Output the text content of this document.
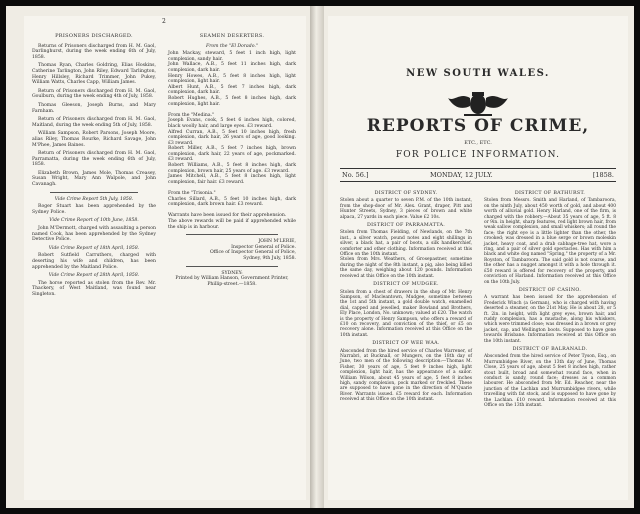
2
PRISONERS DISCHARGED.

Returns of Prisoners discharged from H. M. Gaol, Darlinghurst, during the week ending 6th of July, 1858.

Thomas Ryan, Charles Goldring, Elias Hoskins, Catherine Tarlington, John Riley, Edward Tarlington, Henry Hillsley, Richard Trimmer, John Pukey, William Watts, Charles Capp, William James.

Return of Prisoners discharged from H. M. Gaol, Goulburn, during the week ending 4th of July, 1858.

Thomas Gleeson, Joseph Burns, and Mary Farnham.

Return of Prisoners discharged from H. M. Gaol, Maitland, during the week ending 5th of July, 1858.

William Sampson, Robert Parsons, Joseph Moore, alias Riley, Thomas Rourke, Richard Savage, John M'Phee, James Baines.

Return of Prisoners discharged from H. M. Gaol, Parramatta, during the week ending 6th of July, 1858.

Elizabeth Brown, James Mole, Thomas Creasey, Susan Wright, Mary Ann Walpole, and John Cavanagh.

Vide Crime Report 5th July, 1858.

Roger Stuart has been apprehended by the Sydney Police.

Vide Crime Report of 10th June, 1858.

John M'Dermott, charged with assaulting a person named Cook, has been apprehended by the Sydney Detective Police.

Vide Crime Report of 18th April, 1858.

Robert Sutfield Carruthers, charged with deserting his wife and children, has been apprehended by the Maitland Police.

Vide Crime Report of 28th April, 1858.

The horse reported as stolen from the Rev. Mr. Thackery, of West Maitland, was found near Singleton.

SEAMEN DESERTERS.
From the "El Dorado."
John Mackay, steward, 5 feet 1 inch high, light complexion, sandy hair.
John Wallace, A.B., 5 feet 11 inches high, dark complexion, dark hair.
Henry Howes, A.B., 5 feet 8 inches high, light complexion, light hair.
Albert Hunt, A.B., 5 feet 7 inches high, dark complexion, dark hair.
Robert Hughes, A.B., 5 feet 8 inches high, dark complexion, light hair.

From the "Medina."
Joseph Evans, cook, 5 feet 6 inches high, colored, black woolly hair, and large eyes. £3 reward.
Alfred Curran, A.B., 5 feet 10 inches high, fresh complexion, dark hair, 26 years of age, good looking. £3 reward.
Robert Miller, A.B., 5 feet 7 inches high, brown complexion, dark hair, 22 years of age, pockmarked. £3 reward.
Robert Williams, A.B., 5 feet 8 inches high, dark complexion, brown hair, 25 years of age. £3 reward.
James Mitchell, A.B., 5 feet 8 inches high, light complexion, fair hair. £3 reward.

From the "Trisonia."
Charles Sillard, A.B., 5 feet 10 inches high, dark complexion, dark brown hair. £3 reward.

Warrants have been issued for their apprehension.
The above rewards will be paid if apprehended while the ship is in harbour.
JOHN M'LERIE,
Inspector General of Police.
Office of Inspector General of Police,
Sydney, 9th July, 1858.
SYDNEY:
Printed by William Hanson, Government Printer, Phillip-street.—1858.
NEW SOUTH WALES.
REPORTS OF CRIME,
ETC., ETC.
FOR POLICE INFORMATION.
No. 56.]	MONDAY, 12 JULY.	[1858.
DISTRICT OF SYDNEY.
Stolen about a quarter to seven P.M. of the 10th instant, from the shop-door of Mr. Alex. Grant, draper, Pitt and Hunter Streets, Sydney, 3 pieces of brown and white alpaca, 27 yards in each piece. Value £2 10s.
DISTRICT OF PARRAMATTA.
Stolen from Thomas Fielding, of Newlands, on the 7th inst., a silver watch, pound notes and eight shillings in silver, a black hat, a pair of boots, a silk handkerchief, comforter and other clothing. Information received at this Office on the 10th instant.
Stolen from Mrs. Weathers, of Grosepastner, sometime during the night of the 8th instant, a pig, also being killed the same day, weighing about 120 pounds. Information received at this Office on the 10th instant.
DISTRICT OF MUDGEE.
Stolen from a chest of drawers in the shop of Mr. Henry Sampson, of Macleantown, Mudgee, sometime between the 1st and 5th instant, a gold double watch, enamelled dial, capped and jewelled, maker Bowland and Brothers, Ely Place, London, No. unknown; valued at £20. The watch is the property of Henry Sampson, who offers a reward of £10 on recovery, and conviction of the thief, or £5 on recovery alone. Information received at this Office on the 10th instant.
DISTRICT OF WEE WAA.
Absconded from the hired service of Charles Warrener, of Narrabri, at Bucknall, or Mungers, on the 18th day of June, two men of the following description:—Thomas M. Fisher, 30 years of age, 5 feet 9 inches high, light complexion, light hair, has the appearance of a sailor. William Wilson, about 45 years of age, 5 feet 8 inches high, sandy complexion, pock marked or freckled. These are supposed to have gone in the direction of M'Quarie River. Warrants issued. £5 reward for each. Information received at this Office on the 10th instant.
DISTRICT OF BATHURST.
Stolen from Messrs. Smith and Harland, of Tambaroora, on the ninth July, about 450 worth of gold, and about 400 worth of alluvial gold. Henry Harland, one of the firm, is charged with the robbery.—About 35 years of age, 5 ft. 8 or 9in. in height, sharp features, red light brown hair, from weak sallow complexion, and small whiskers; all round the face; the right eye is a little lighter than the other, the crooked; was dressed in a blue serge or brown moleskin jacket, heavy coat, and a drab cabbage-tree hat, wore a ring, and a pair of silver gold spectacles. Has with him a black and white dog named "Spring," the property of a Mr. Royston, of Tambaroora. The said gold is not coarse, and the other has a nugget amongst it with a hole through it. £50 reward is offered for recovery of the property, and conviction of Harland. Information received at this Office on the 10th July.
DISTRICT OF CASINO.
A warrant has been issued for the apprehension of Frederick Winch (a German), who is charged with having deserted a steamer, on the 21st May. He is about 28, or 5 ft. 2in. in height, with light grey eyes, brown hair, and ruddy complexion, has a mustache, along his whiskers, which were trimmed close; was dressed in a brown or grey jacket, cap, and Wellington boots. Supposed to have gone towards Brisbane. Information received at this Office on the 10th instant.
DISTRICT OF BALRANALD.
Absconded from the hired service of Peter Tyson, Esq., on Murrumbidgee River, on the 13th day of June, Thomas Close, 25 years of age, about 5 feet 8 inches high, rather stout built, broad and somewhat round face, when in conduct is sandy, round face; dresses as a common labourer. He absconded from Mr. Ed. Reacher, near the junction of the Lachlan and Murrumbidgee rivers, while travelling with fat stock, and is supposed to have gone by the Lachlan. £10 reward. Information received at this Office on the 13th instant.
